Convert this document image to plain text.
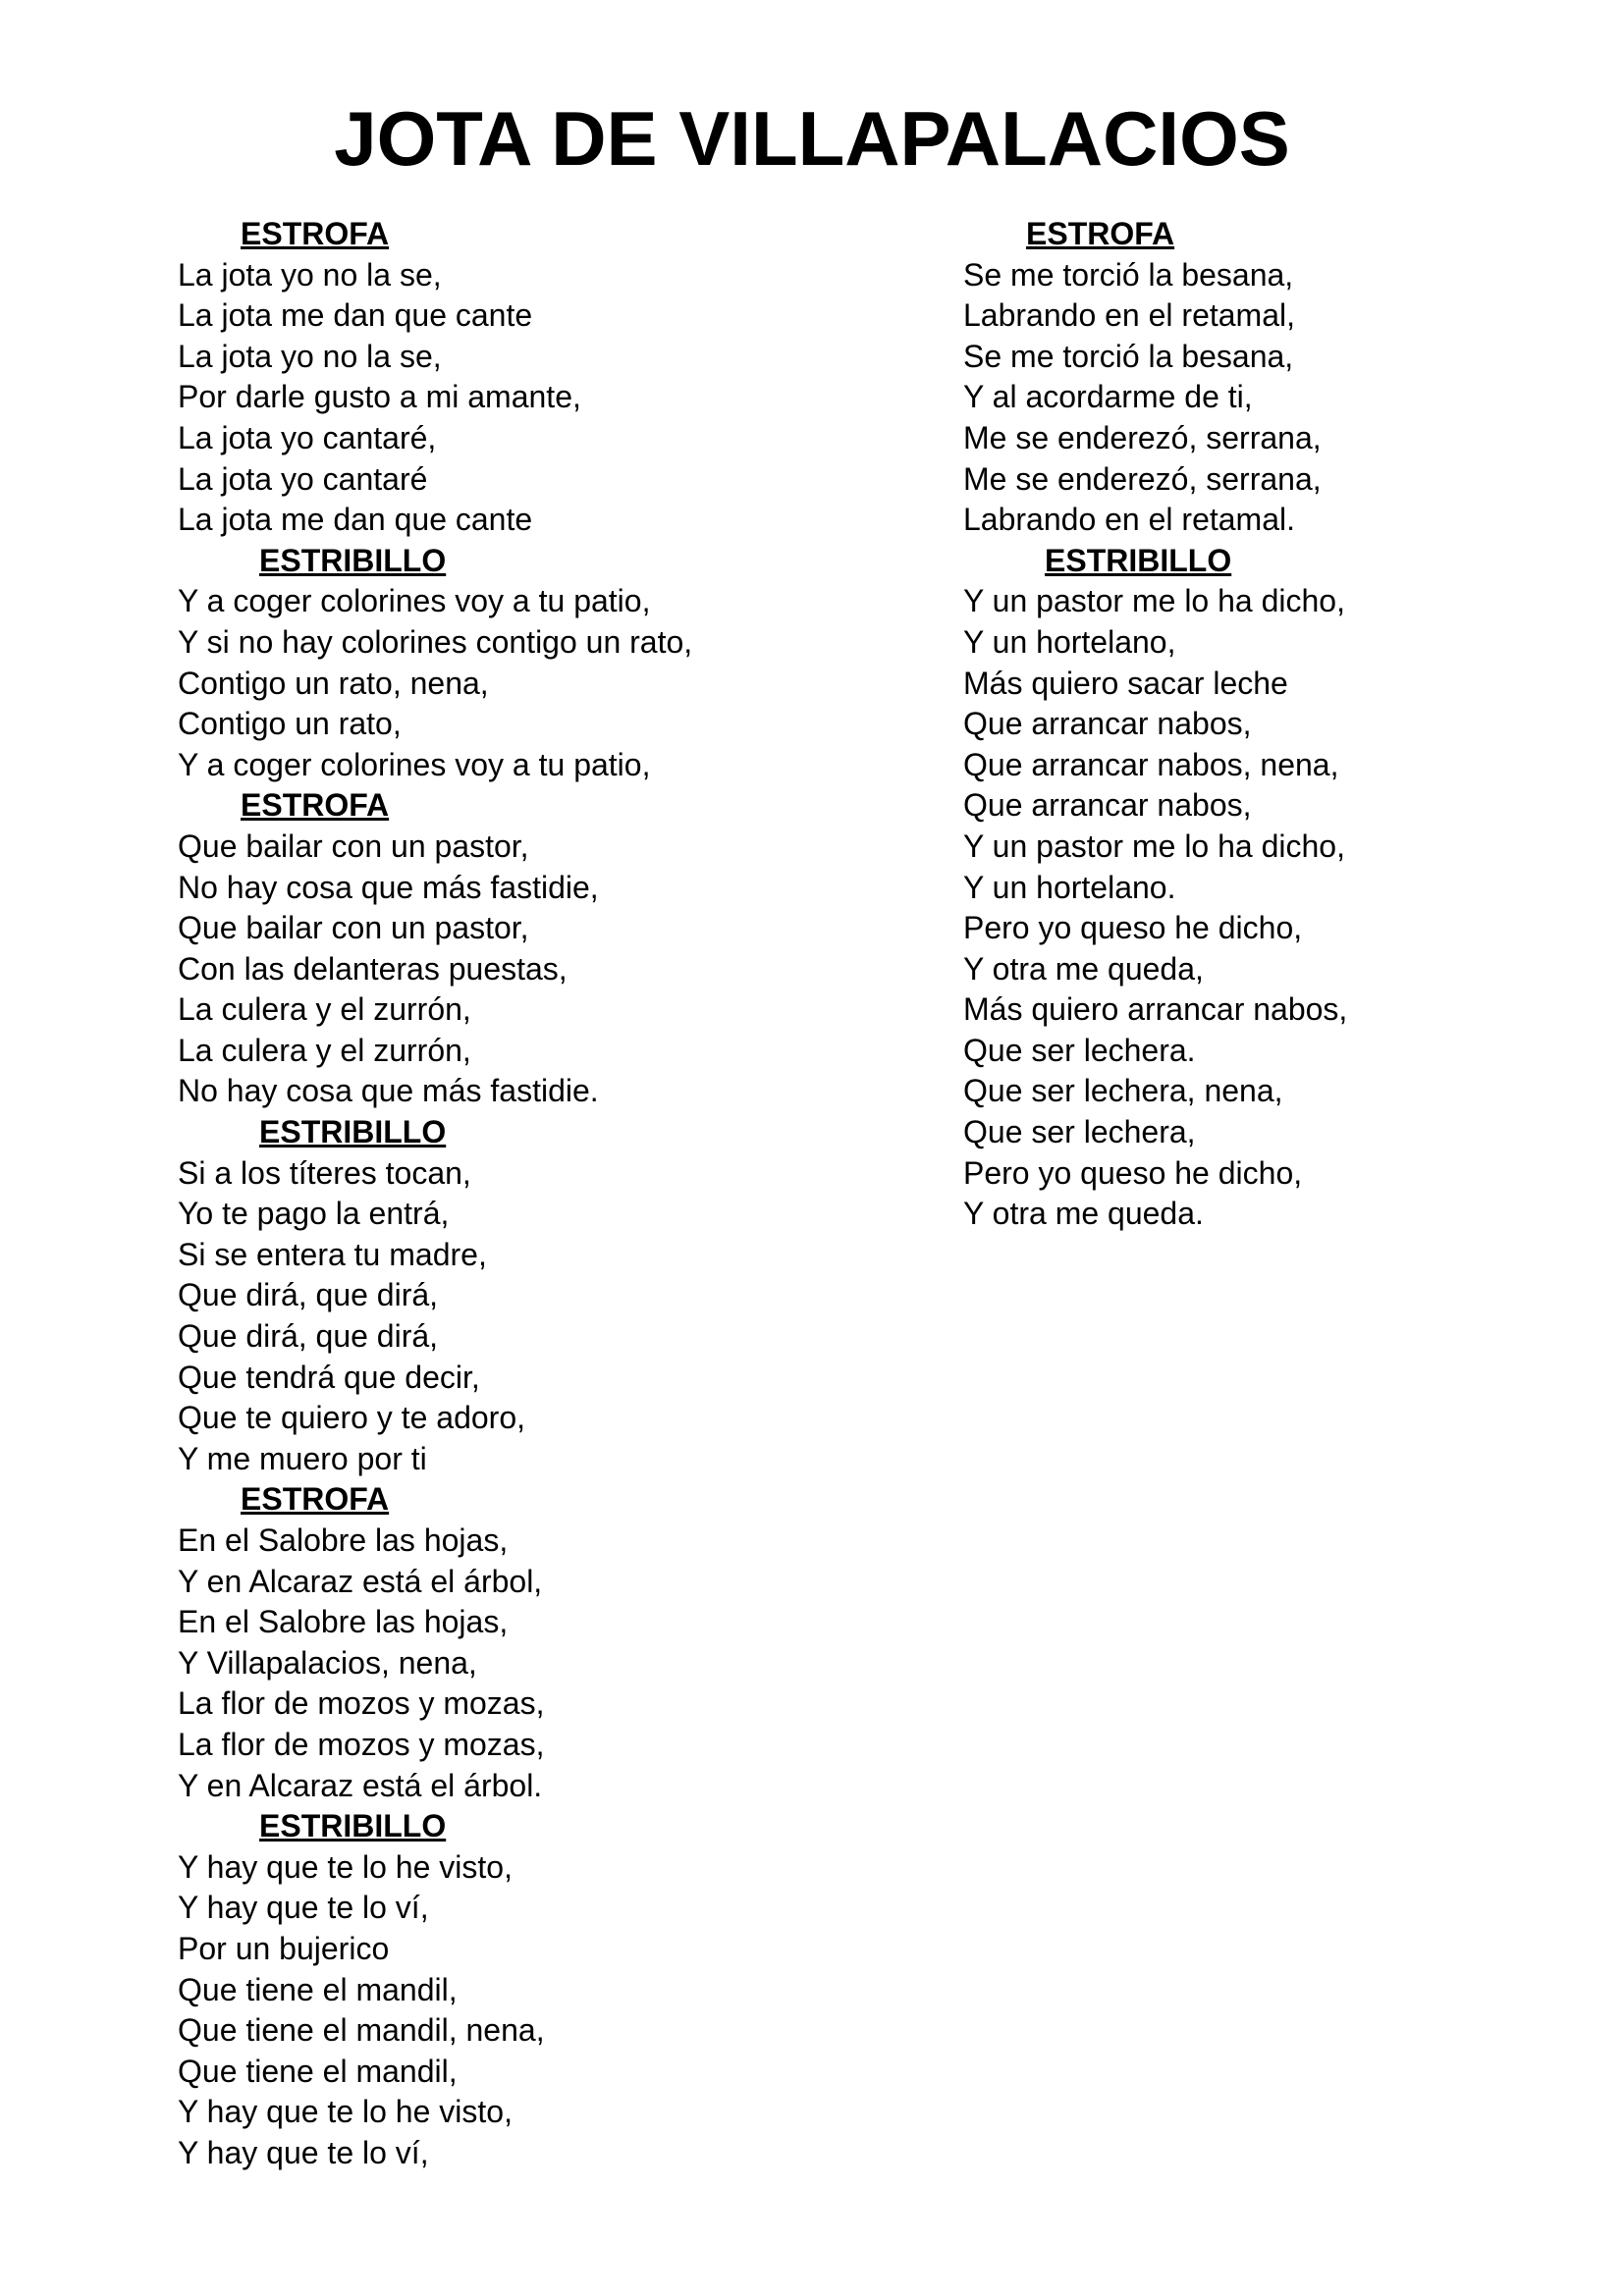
JOTA DE VILLAPALACIOS
ESTROFA
La jota yo no la se,
La jota me dan que cante
La jota yo no la se,
Por darle gusto a mi amante,
La jota yo cantaré,
La jota yo cantaré
La jota me dan que cante
ESTRIBILLO
Y a coger colorines voy a tu patio,
Y si no hay colorines contigo un rato,
Contigo un rato, nena,
Contigo un rato,
Y a coger colorines voy a tu patio,
ESTROFA
Que bailar con un pastor,
No hay cosa que más fastidie,
Que bailar con un pastor,
Con las delanteras puestas,
La culera y el zurrón,
La culera y el zurrón,
No hay cosa que más fastidie.
ESTRIBILLO
Si a los títeres tocan,
Yo te pago la entrá,
Si se entera tu madre,
Que dirá, que dirá,
Que dirá, que dirá,
Que tendrá que decir,
Que te quiero y te adoro,
Y me muero por ti
ESTROFA
En el Salobre las hojas,
Y en Alcaraz está el árbol,
En el Salobre las hojas,
Y Villapalacios, nena,
La flor de mozos y mozas,
La flor de mozos y mozas,
Y en Alcaraz está el árbol.
ESTRIBILLO
Y hay que te lo he visto,
Y hay que te lo ví,
Por un bujerico
Que tiene el mandil,
Que tiene el mandil, nena,
Que tiene el mandil,
Y hay que te lo he visto,
Y hay que te lo ví,
ESTROFA
Se me torció la besana,
Labrando en el retamal,
Se me torció la besana,
Y al acordarme de ti,
Me se enderezó, serrana,
Me se enderezó, serrana,
Labrando en el retamal.
ESTRIBILLO
Y un pastor me lo ha dicho,
Y un hortelano,
Más quiero sacar leche
Que arrancar nabos,
Que arrancar nabos, nena,
Que arrancar nabos,
Y un pastor me lo ha dicho,
Y un hortelano.
Pero yo queso he dicho,
Y otra me queda,
Más quiero arrancar nabos,
Que ser lechera.
Que ser lechera, nena,
Que ser lechera,
Pero yo queso he dicho,
Y otra me queda.
